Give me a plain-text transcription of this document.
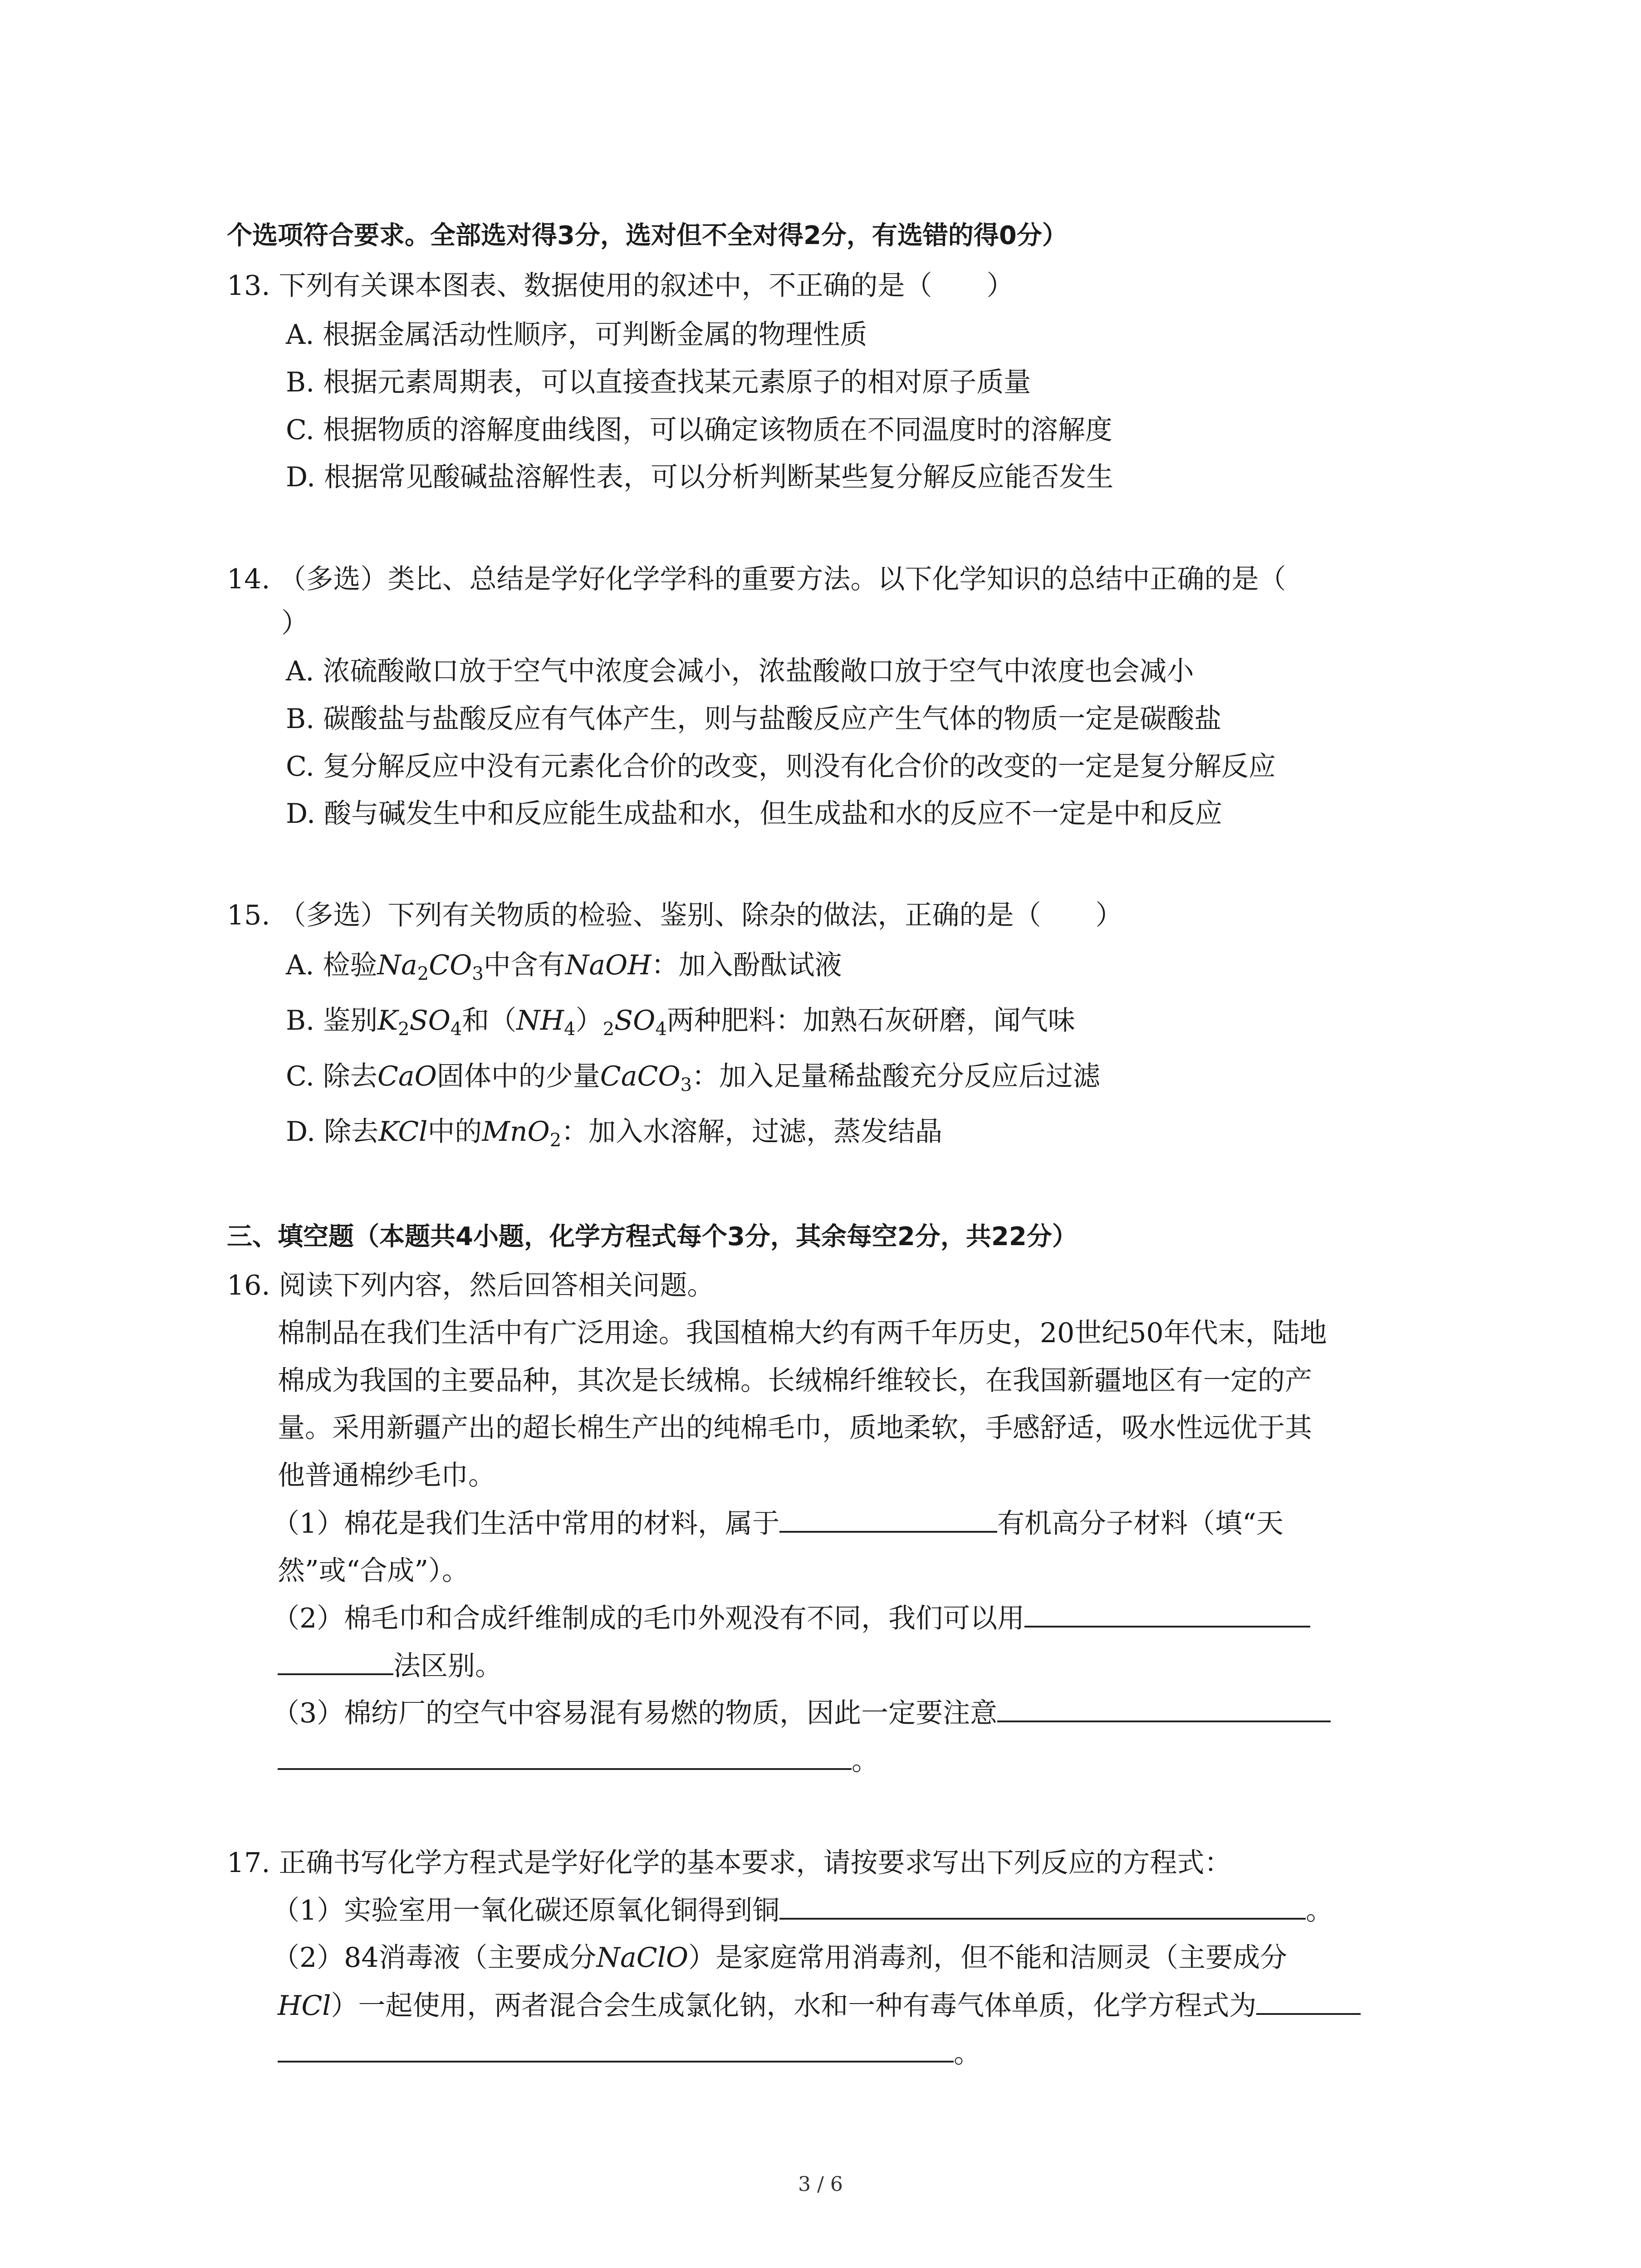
个选项符合要求。全部选对得3分，选对但不全对得2分，有选错的得0分）
13. 下列有关课本图表、数据使用的叙述中，不正确的是（　　）
A. 根据金属活动性顺序，可判断金属的物理性质
B. 根据元素周期表，可以直接查找某元素原子的相对原子质量
C. 根据物质的溶解度曲线图，可以确定该物质在不同温度时的溶解度
D. 根据常见酸碱盐溶解性表，可以分析判断某些复分解反应能否发生
14. （多选）类比、总结是学好化学学科的重要方法。以下化学知识的总结中正确的是（
）
A. 浓硫酸敞口放于空气中浓度会减小，浓盐酸敞口放于空气中浓度也会减小
B. 碳酸盐与盐酸反应有气体产生，则与盐酸反应产生气体的物质一定是碳酸盐
C. 复分解反应中没有元素化合价的改变，则没有化合价的改变的一定是复分解反应
D. 酸与碱发生中和反应能生成盐和水，但生成盐和水的反应不一定是中和反应
15. （多选）下列有关物质的检验、鉴别、除杂的做法，正确的是（　　）
A. 检验$Na_2CO_3$中含有NaOH：加入酚酞试液
B. 鉴别$K_2SO_4$和$(NH_4)_2SO_4$两种肥料：加熟石灰研磨，闻气味
C. 除去CaO固体中的少量CaCO$_3$：加入足量稀盐酸充分反应后过滤
D. 除去KCl中的MnO$_2$：加入水溶解，过滤，蒸发结晶
三、填空题（本题共4小题，化学方程式每个3分，其余每空2分，共22分）
16. 阅读下列内容，然后回答相关问题。
棉制品在我们生活中有广泛用途。我国植棉大约有两千年历史，20世纪50年代末，陆地
棉成为我国的主要品种，其次是长绒棉。长绒棉纤维较长，在我国新疆地区有一定的产
量。采用新疆产出的超长棉生产出的纯棉毛巾，质地柔软，手感舒适，吸水性远优于其
他普通棉纱毛巾。
（1）棉花是我们生活中常用的材料，属于	有机高分子材料（填“天
然”或“合成”）。
（2）棉毛巾和合成纤维制成的毛巾外观没有不同，我们可以用
法区别。
（3）棉纺厂的空气中容易混有易燃的物质，因此一定要注意
。
17. 正确书写化学方程式是学好化学的基本要求，请按要求写出下列反应的方程式：
（1）实验室用一氧化碳还原氧化铜得到铜	。
（2）84消毒液（主要成分NaClO）是家庭常用消毒剂，但不能和洁厕灵（主要成分
HCl）一起使用，两者混合会生成氯化钠，水和一种有毒气体单质，化学方程式为
。
3 / 6
